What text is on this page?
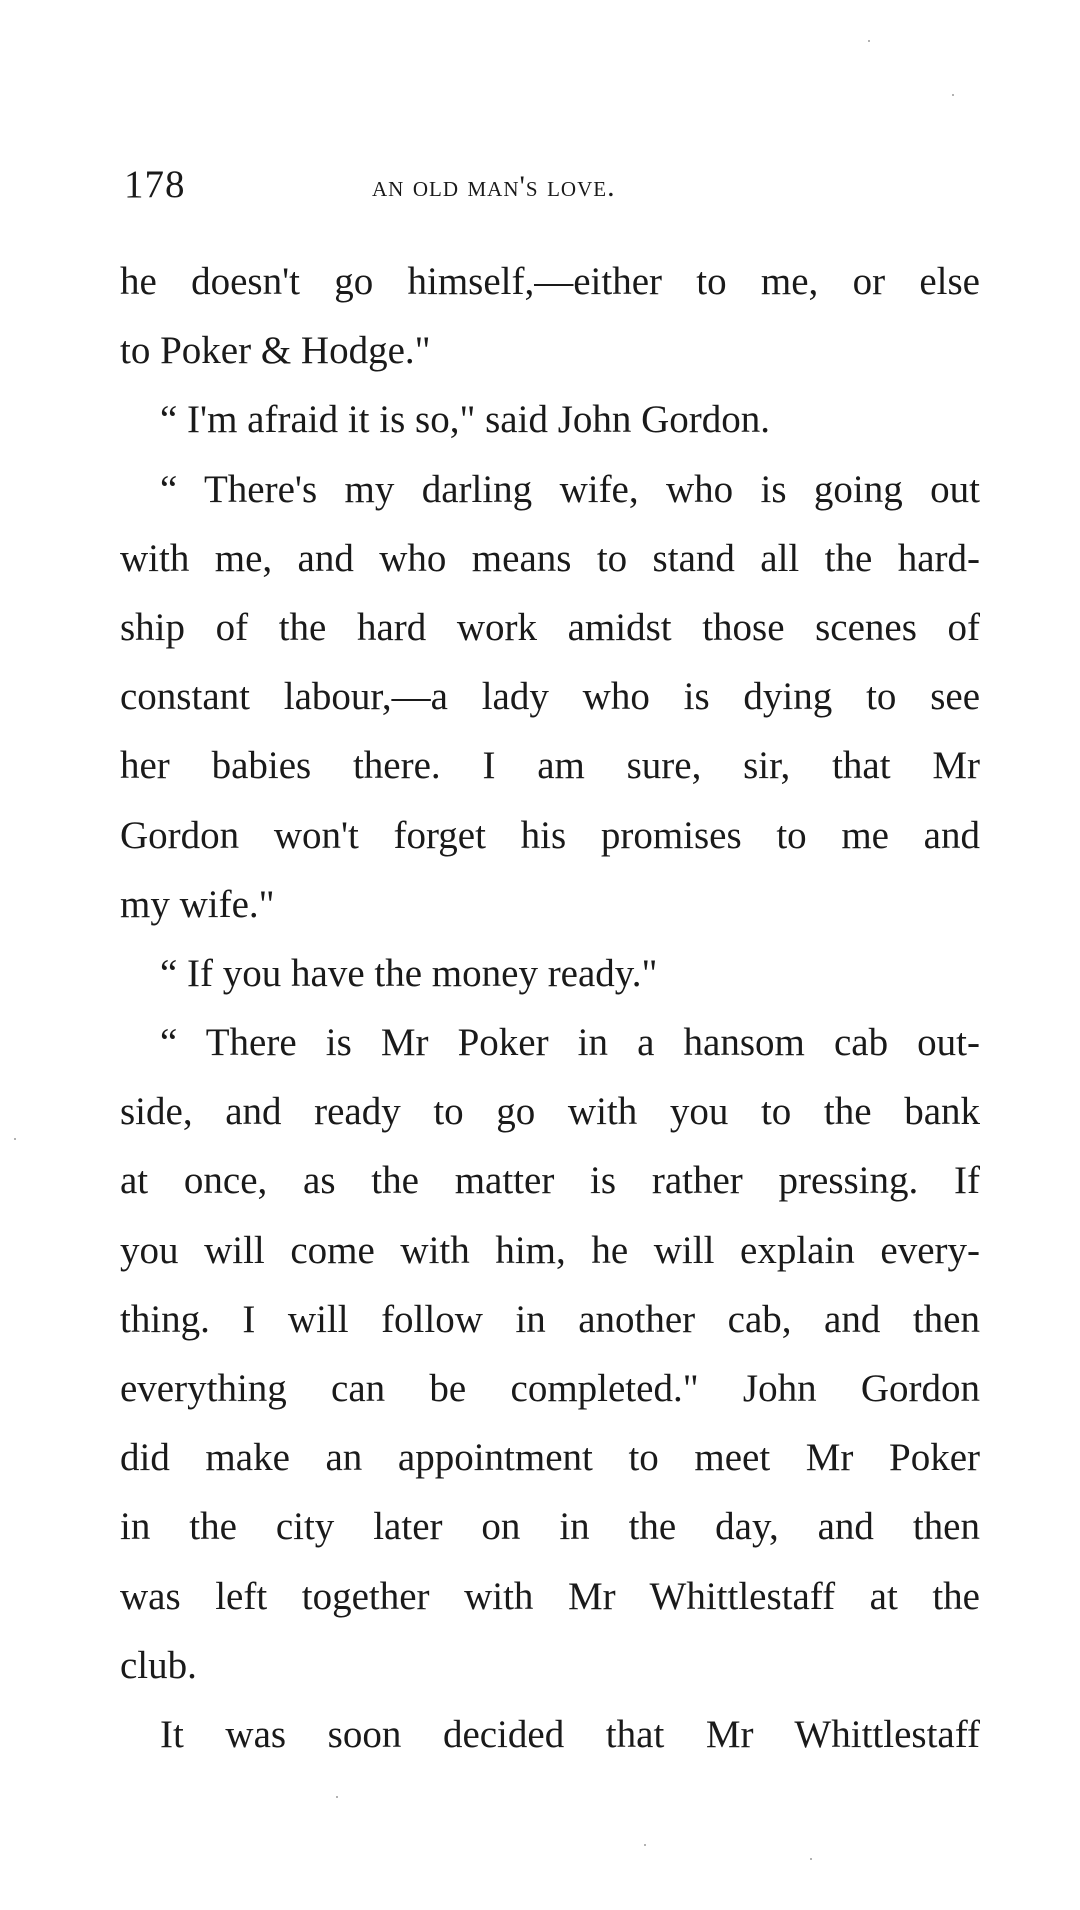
178	an old man's love.
he doesn't go himself,—either to me, or else
to Poker & Hodge."
“ I'm afraid it is so," said John Gordon.
“ There's my darling wife, who is going out
with me, and who means to stand all the hard-
ship of the hard work amidst those scenes of
constant labour,—a lady who is dying to see
her babies there. I am sure, sir, that Mr
Gordon won't forget his promises to me and
my wife."
“ If you have the money ready."
“ There is Mr Poker in a hansom cab out-
side, and ready to go with you to the bank
at once, as the matter is rather pressing. If
you will come with him, he will explain every-
thing. I will follow in another cab, and then
everything can be completed." John Gordon
did make an appointment to meet Mr Poker
in the city later on in the day, and then
was left together with Mr Whittlestaff at the
club.
It was soon decided that Mr Whittlestaff
